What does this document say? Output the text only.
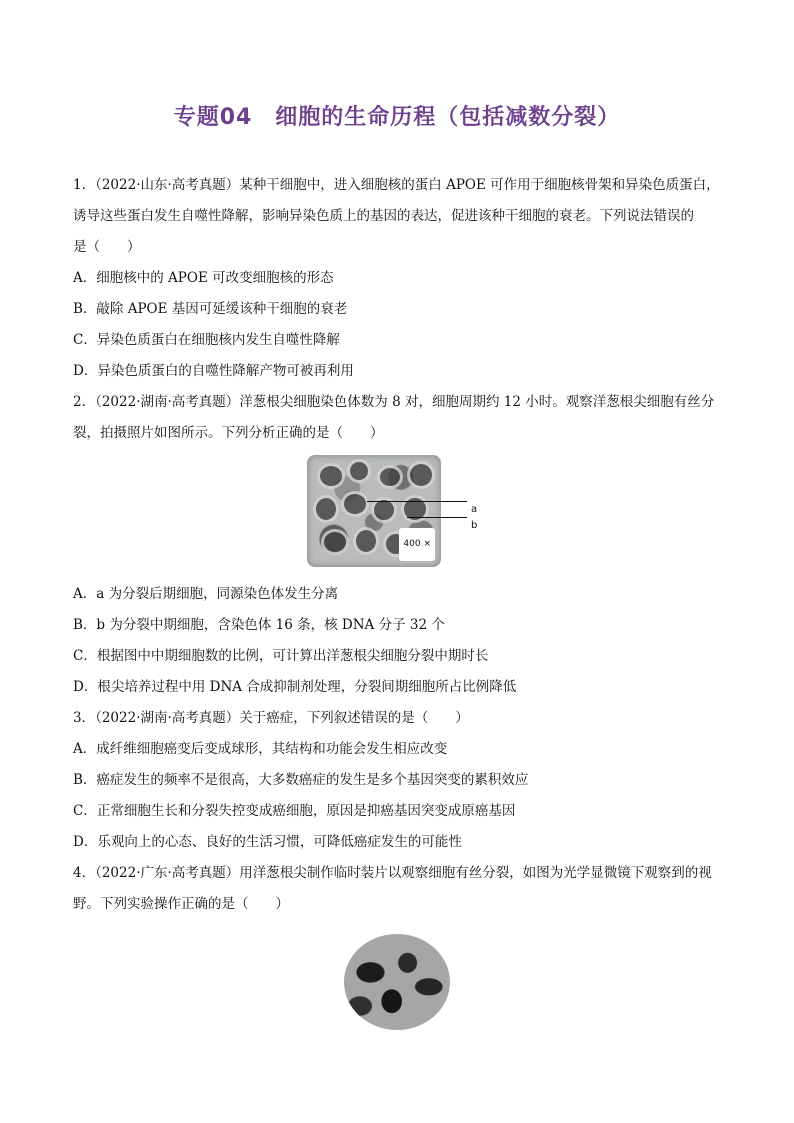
专题04　细胞的生命历程（包括减数分裂）
1．（2022·山东·高考真题）某种干细胞中，进入细胞核的蛋白 APOE 可作用于细胞核骨架和异染色质蛋白，
诱导这些蛋白发生自噬性降解，影响异染色质上的基因的表达，促进该种干细胞的衰老。下列说法错误的
是（　　）
A．细胞核中的 APOE 可改变细胞核的形态
B．敲除 APOE 基因可延缓该种干细胞的衰老
C．异染色质蛋白在细胞核内发生自噬性降解
D．异染色质蛋白的自噬性降解产物可被再利用
2．（2022·湖南·高考真题）洋葱根尖细胞染色体数为 8 对，细胞周期约 12 小时。观察洋葱根尖细胞有丝分
裂，拍摄照片如图所示。下列分析正确的是（　　）
400 ×
a
b
A．a 为分裂后期细胞，同源染色体发生分离
B．b 为分裂中期细胞，含染色体 16 条，核 DNA 分子 32 个
C．根据图中中期细胞数的比例，可计算出洋葱根尖细胞分裂中期时长
D．根尖培养过程中用 DNA 合成抑制剂处理，分裂间期细胞所占比例降低
3．（2022·湖南·高考真题）关于癌症，下列叙述错误的是（　　）
A．成纤维细胞癌变后变成球形，其结构和功能会发生相应改变
B．癌症发生的频率不是很高，大多数癌症的发生是多个基因突变的累积效应
C．正常细胞生长和分裂失控变成癌细胞，原因是抑癌基因突变成原癌基因
D．乐观向上的心态、良好的生活习惯，可降低癌症发生的可能性
4．（2022·广东·高考真题）用洋葱根尖制作临时装片以观察细胞有丝分裂，如图为光学显微镜下观察到的视
野。下列实验操作正确的是（　　）
